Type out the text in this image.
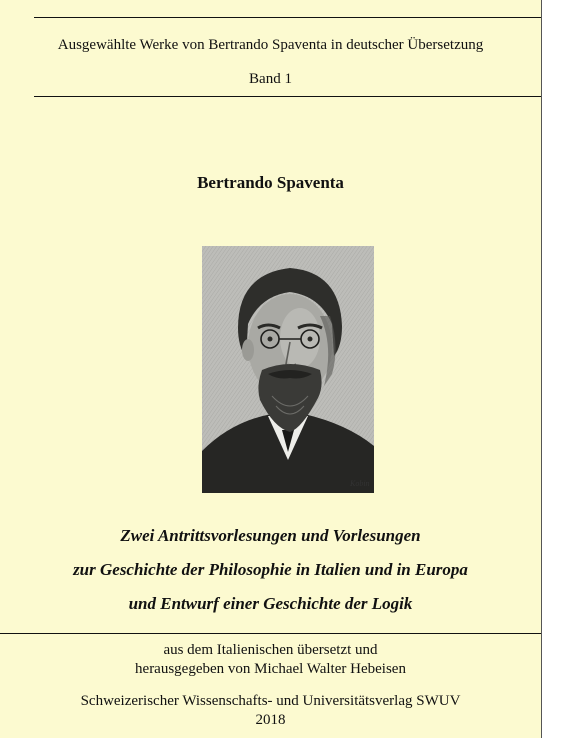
Ausgewählte Werke von Bertrando Spaventa in deutscher Übersetzung
Band 1
Bertrando Spaventa
Kobin
Zwei Antrittsvorlesungen und Vorlesungen
zur Geschichte der Philosophie in Italien und in Europa
und Entwurf einer Geschichte der Logik
aus dem Italienischen übersetzt und
herausgegeben von Michael Walter Hebeisen
Schweizerischer Wissenschafts- und Universitätsverlag SWUV
2018
